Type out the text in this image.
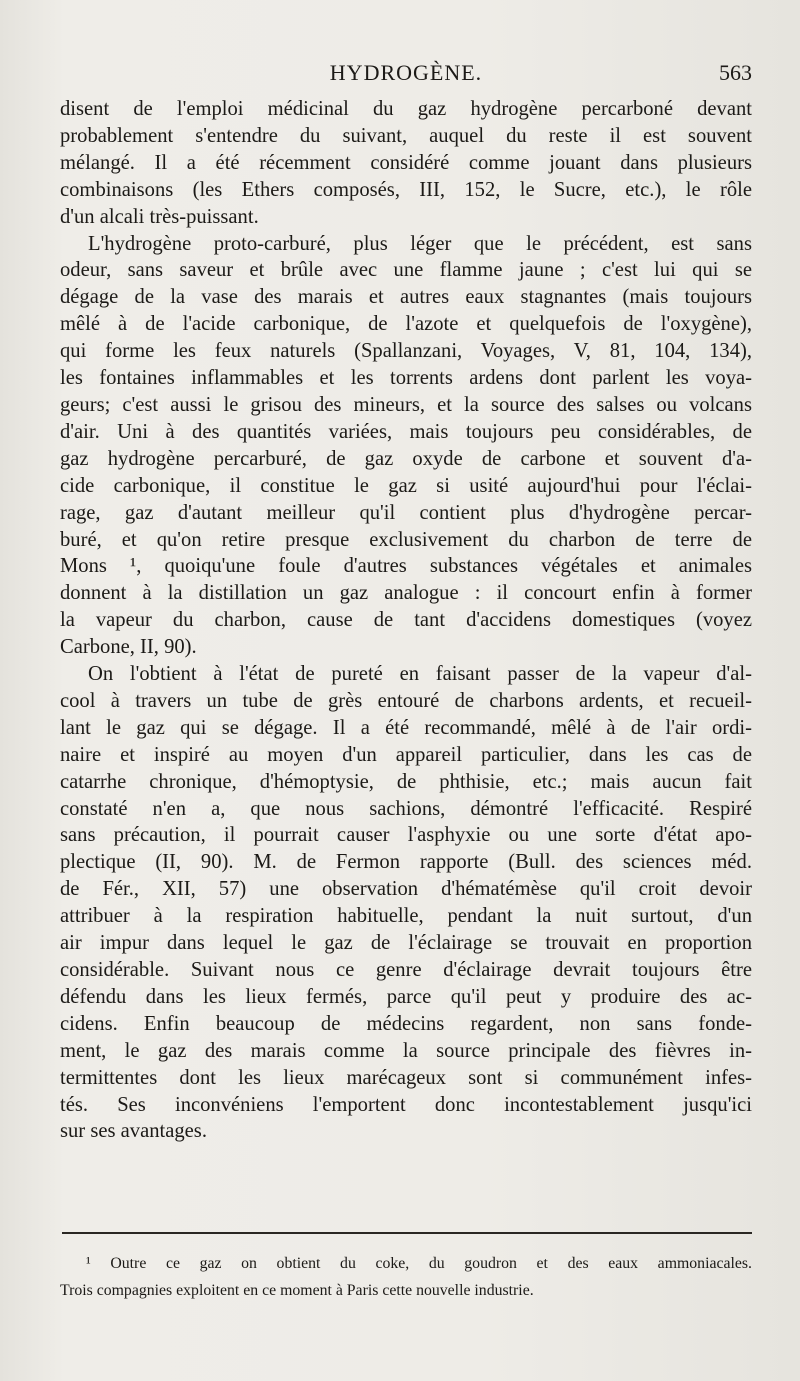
HYDROGÈNE.	563
disent de l'emploi médicinal du gaz hydrogène percarboné devant
probablement s'entendre du suivant, auquel du reste il est souvent
mélangé. Il a été récemment considéré comme jouant dans plusieurs
combinaisons (les Ethers composés, III, 152, le Sucre, etc.), le rôle
d'un alcali très-puissant.
L'hydrogène proto-carburé, plus léger que le précédent, est sans
odeur, sans saveur et brûle avec une flamme jaune ; c'est lui qui se
dégage de la vase des marais et autres eaux stagnantes (mais toujours
mêlé à de l'acide carbonique, de l'azote et quelquefois de l'oxygène),
qui forme les feux naturels (Spallanzani, Voyages, V, 81, 104, 134),
les fontaines inflammables et les torrents ardens dont parlent les voya-
geurs; c'est aussi le grisou des mineurs, et la source des salses ou volcans
d'air. Uni à des quantités variées, mais toujours peu considérables, de
gaz hydrogène percarburé, de gaz oxyde de carbone et souvent d'a-
cide carbonique, il constitue le gaz si usité aujourd'hui pour l'éclai-
rage, gaz d'autant meilleur qu'il contient plus d'hydrogène percar-
buré, et qu'on retire presque exclusivement du charbon de terre de
Mons ¹, quoiqu'une foule d'autres substances végétales et animales
donnent à la distillation un gaz analogue : il concourt enfin à former
la vapeur du charbon, cause de tant d'accidens domestiques (voyez
Carbone, II, 90).
On l'obtient à l'état de pureté en faisant passer de la vapeur d'al-
cool à travers un tube de grès entouré de charbons ardents, et recueil-
lant le gaz qui se dégage. Il a été recommandé, mêlé à de l'air ordi-
naire et inspiré au moyen d'un appareil particulier, dans les cas de
catarrhe chronique, d'hémoptysie, de phthisie, etc.; mais aucun fait
constaté n'en a, que nous sachions, démontré l'efficacité. Respiré
sans précaution, il pourrait causer l'asphyxie ou une sorte d'état apo-
plectique (II, 90). M. de Fermon rapporte (Bull. des sciences méd.
de Fér., XII, 57) une observation d'hématémèse qu'il croit devoir
attribuer à la respiration habituelle, pendant la nuit surtout, d'un
air impur dans lequel le gaz de l'éclairage se trouvait en proportion
considérable. Suivant nous ce genre d'éclairage devrait toujours être
défendu dans les lieux fermés, parce qu'il peut y produire des ac-
cidens. Enfin beaucoup de médecins regardent, non sans fonde-
ment, le gaz des marais comme la source principale des fièvres in-
termittentes dont les lieux marécageux sont si communément infes-
tés. Ses inconvéniens l'emportent donc incontestablement jusqu'ici
sur ses avantages.
¹ Outre ce gaz on obtient du coke, du goudron et des eaux ammoniacales.
Trois compagnies exploitent en ce moment à Paris cette nouvelle industrie.
